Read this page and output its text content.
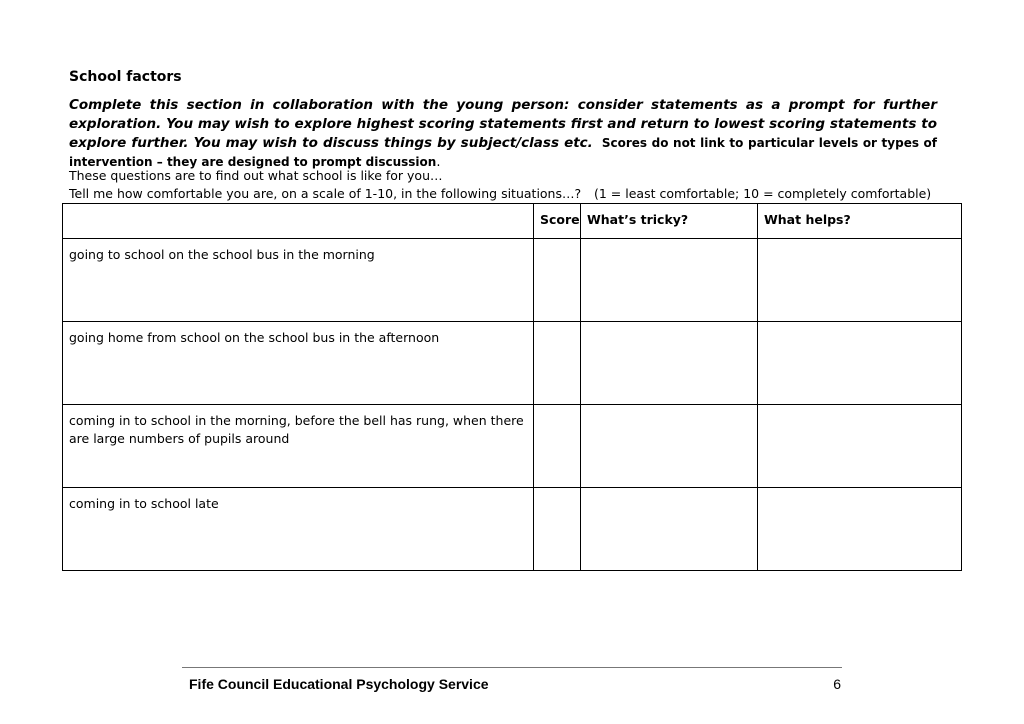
School factors
Complete this section in collaboration with the young person: consider statements as a prompt for further exploration. You may wish to explore highest scoring statements first and return to lowest scoring statements to explore further. You may wish to discuss things by subject/class etc. Scores do not link to particular levels or types of intervention – they are designed to prompt discussion.
These questions are to find out what school is like for you…
Tell me how comfortable you are, on a scale of 1-10, in the following situations…? (1 = least comfortable; 10 = completely comfortable)
	Score	What’s tricky?	What helps?
going to school on the school bus in the morning			
going home from school on the school bus in the afternoon			
coming in to school in the morning, before the bell has rung, when there are large numbers of pupils around			
coming in to school late			
Fife Council Educational Psychology Service	6
